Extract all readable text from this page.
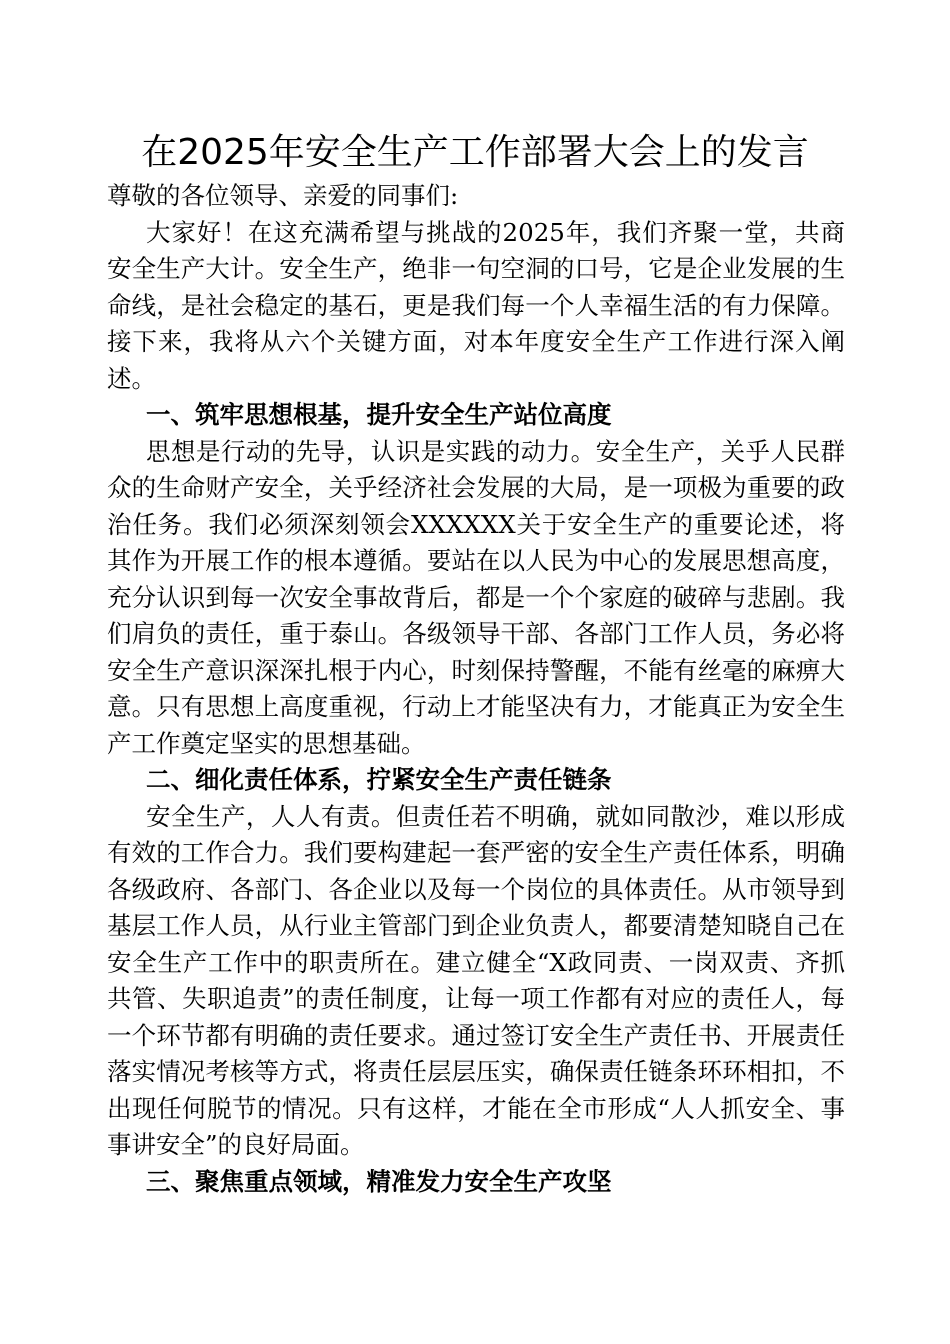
在2025年安全生产工作部署大会上的发言

尊敬的各位领导、亲爱的同事们:

大家好！在这充满希望与挑战的2025年，我们齐聚一堂，共商安全生产大计。安全生产，绝非一句空洞的口号，它是企业发展的生命线，是社会稳定的基石，更是我们每一个人幸福生活的有力保障。接下来，我将从六个关键方面，对本年度安全生产工作进行深入阐述。

一、筑牢思想根基，提升安全生产站位高度

思想是行动的先导，认识是实践的动力。安全生产，关乎人民群众的生命财产安全，关乎经济社会发展的大局，是一项极为重要的政治任务。我们必须深刻领会XXXXXX关于安全生产的重要论述，将其作为开展工作的根本遵循。要站在以人民为中心的发展思想高度，充分认识到每一次安全事故背后，都是一个个家庭的破碎与悲剧。我们肩负的责任，重于泰山。各级领导干部、各部门工作人员，务必将安全生产意识深深扎根于内心，时刻保持警醒，不能有丝毫的麻痹大意。只有思想上高度重视，行动上才能坚决有力，才能真正为安全生产工作奠定坚实的思想基础。

二、细化责任体系，拧紧安全生产责任链条

安全生产，人人有责。但责任若不明确，就如同散沙，难以形成有效的工作合力。我们要构建起一套严密的安全生产责任体系，明确各级政府、各部门、各企业以及每一个岗位的具体责任。从市领导到基层工作人员，从行业主管部门到企业负责人，都要清楚知晓自己在安全生产工作中的职责所在。建立健全“X政同责、一岗双责、齐抓共管、失职追责”的责任制度，让每一项工作都有对应的责任人，每一个环节都有明确的责任要求。通过签订安全生产责任书、开展责任落实情况考核等方式，将责任层层压实，确保责任链条环环相扣，不出现任何脱节的情况。只有这样，才能在全市形成“人人抓安全、事事讲安全”的良好局面。

三、聚焦重点领域，精准发力安全生产攻坚
